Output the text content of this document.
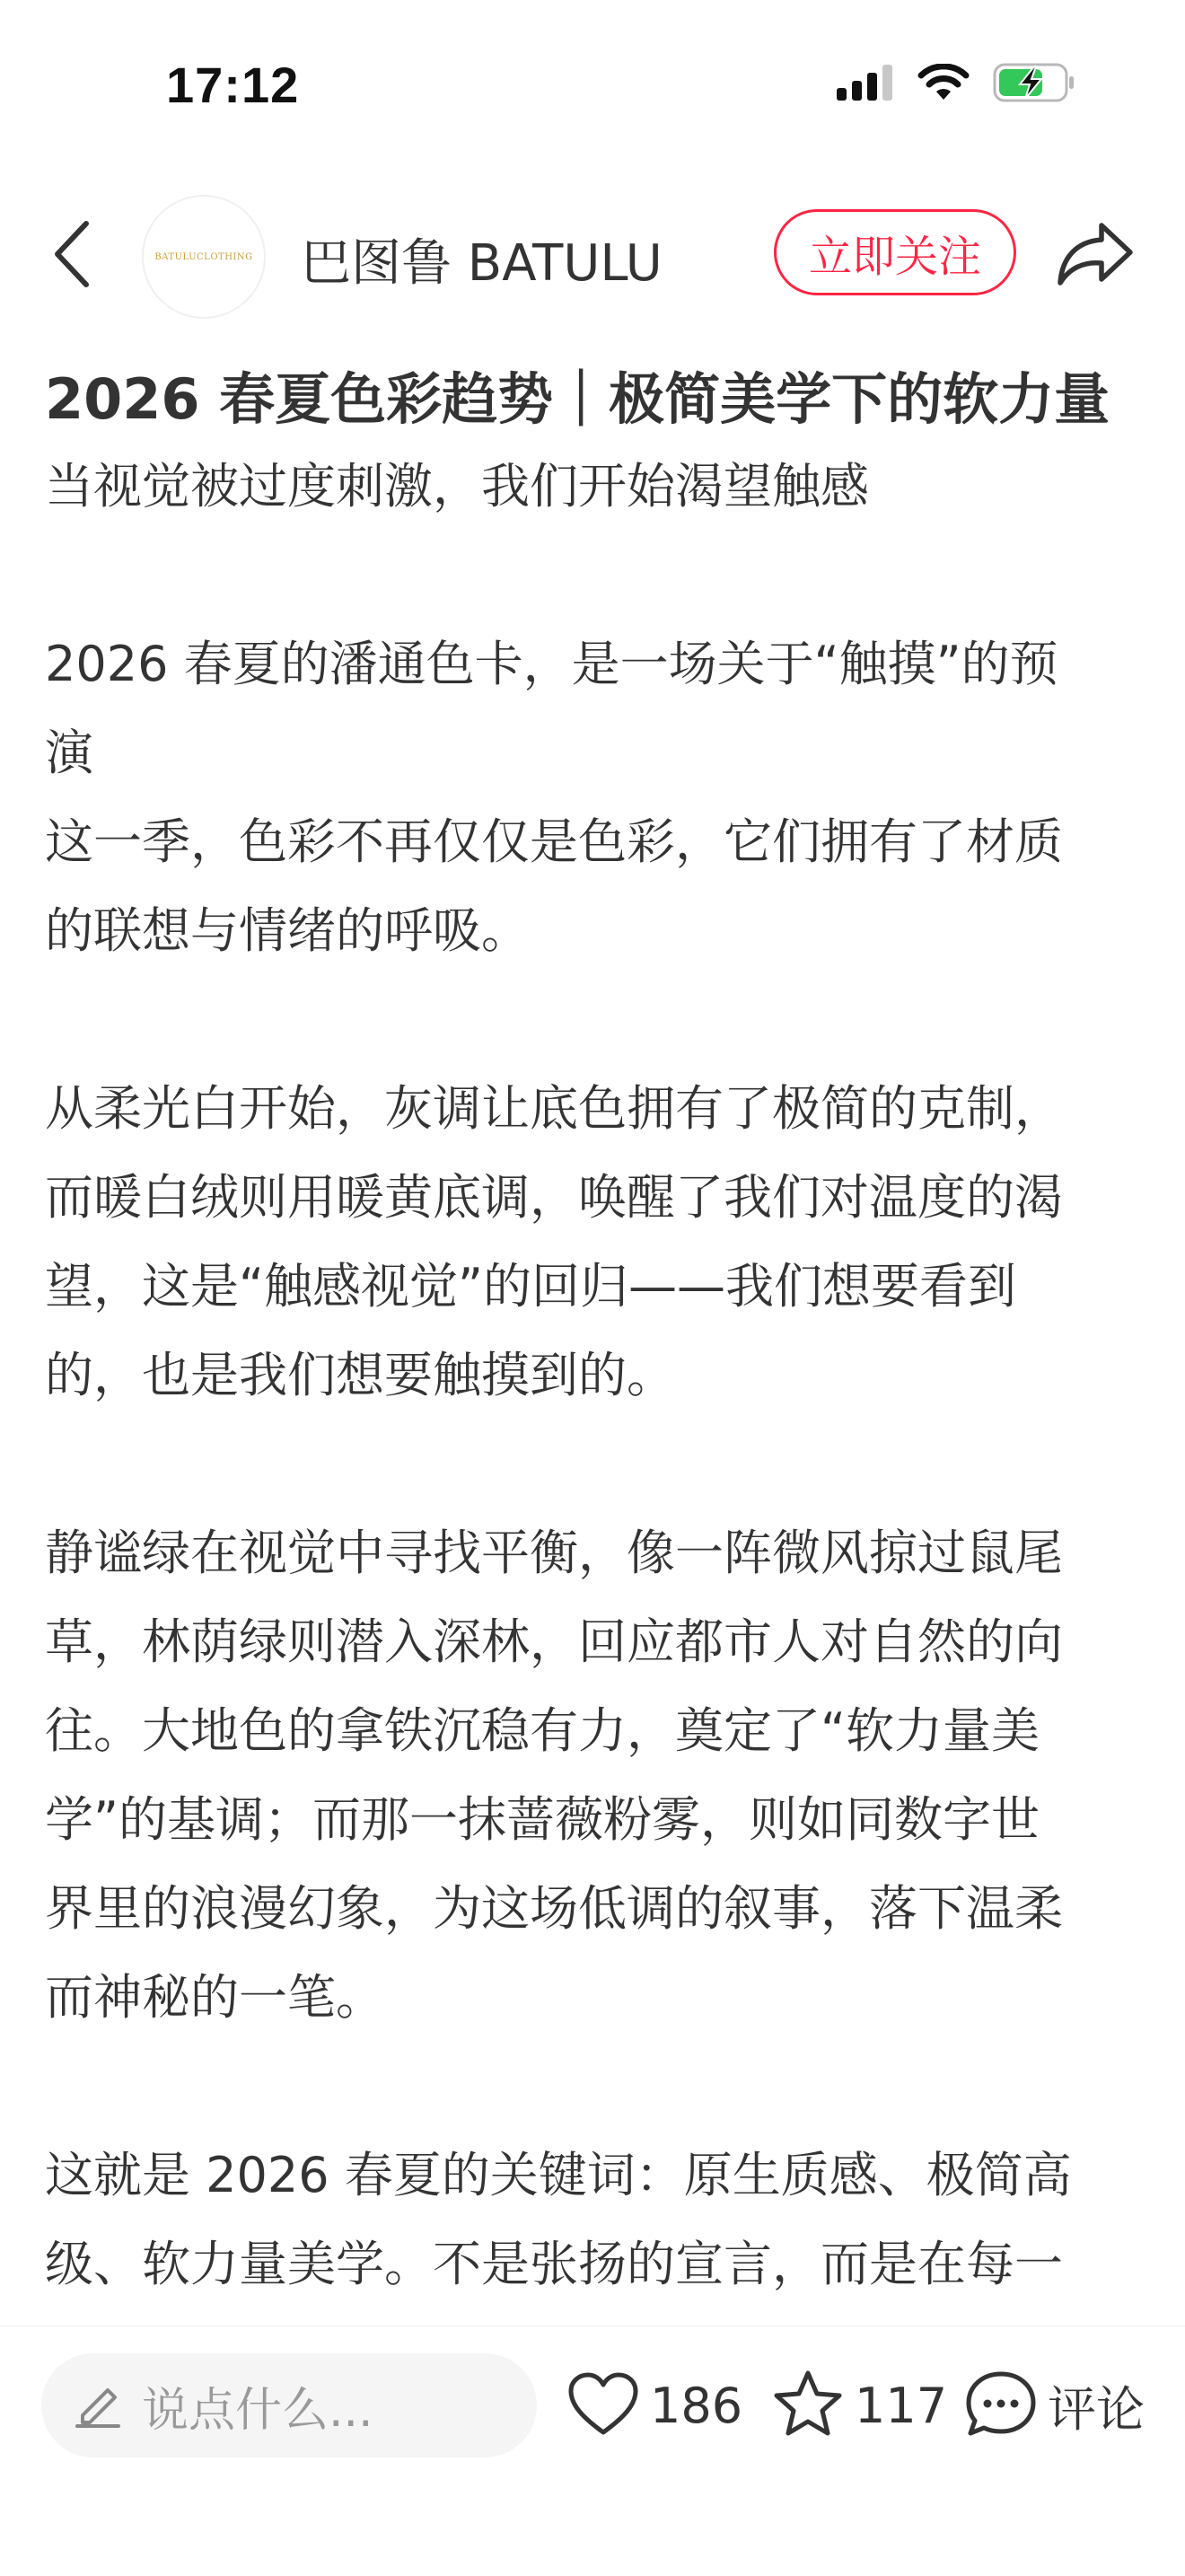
17:12
BATULUCLOTHING 巴图鲁 BATULU	立即关注
2026 春夏色彩趋势｜极简美学下的软力量

当视觉被过度刺激，我们开始渴望触感

2026 春夏的潘通色卡，是一场关于“触摸”的预

演

这一季，色彩不再仅仅是色彩，它们拥有了材质

的联想与情绪的呼吸。

从柔光白开始，灰调让底色拥有了极简的克制，

而暖白绒则用暖黄底调，唤醒了我们对温度的渴

望，这是“触感视觉”的回归——我们想要看到

的，也是我们想要触摸到的。

静谧绿在视觉中寻找平衡，像一阵微风掠过鼠尾

草，林荫绿则潜入深林，回应都市人对自然的向

往。大地色的拿铁沉稳有力，奠定了“软力量美

学”的基调；而那一抹蔷薇粉雾，则如同数字世

界里的浪漫幻象，为这场低调的叙事，落下温柔

而神秘的一笔。

这就是 2026 春夏的关键词：原生质感、极简高

级、软力量美学。不是张扬的宣言，而是在每一

说点什么...	186 117 评论
